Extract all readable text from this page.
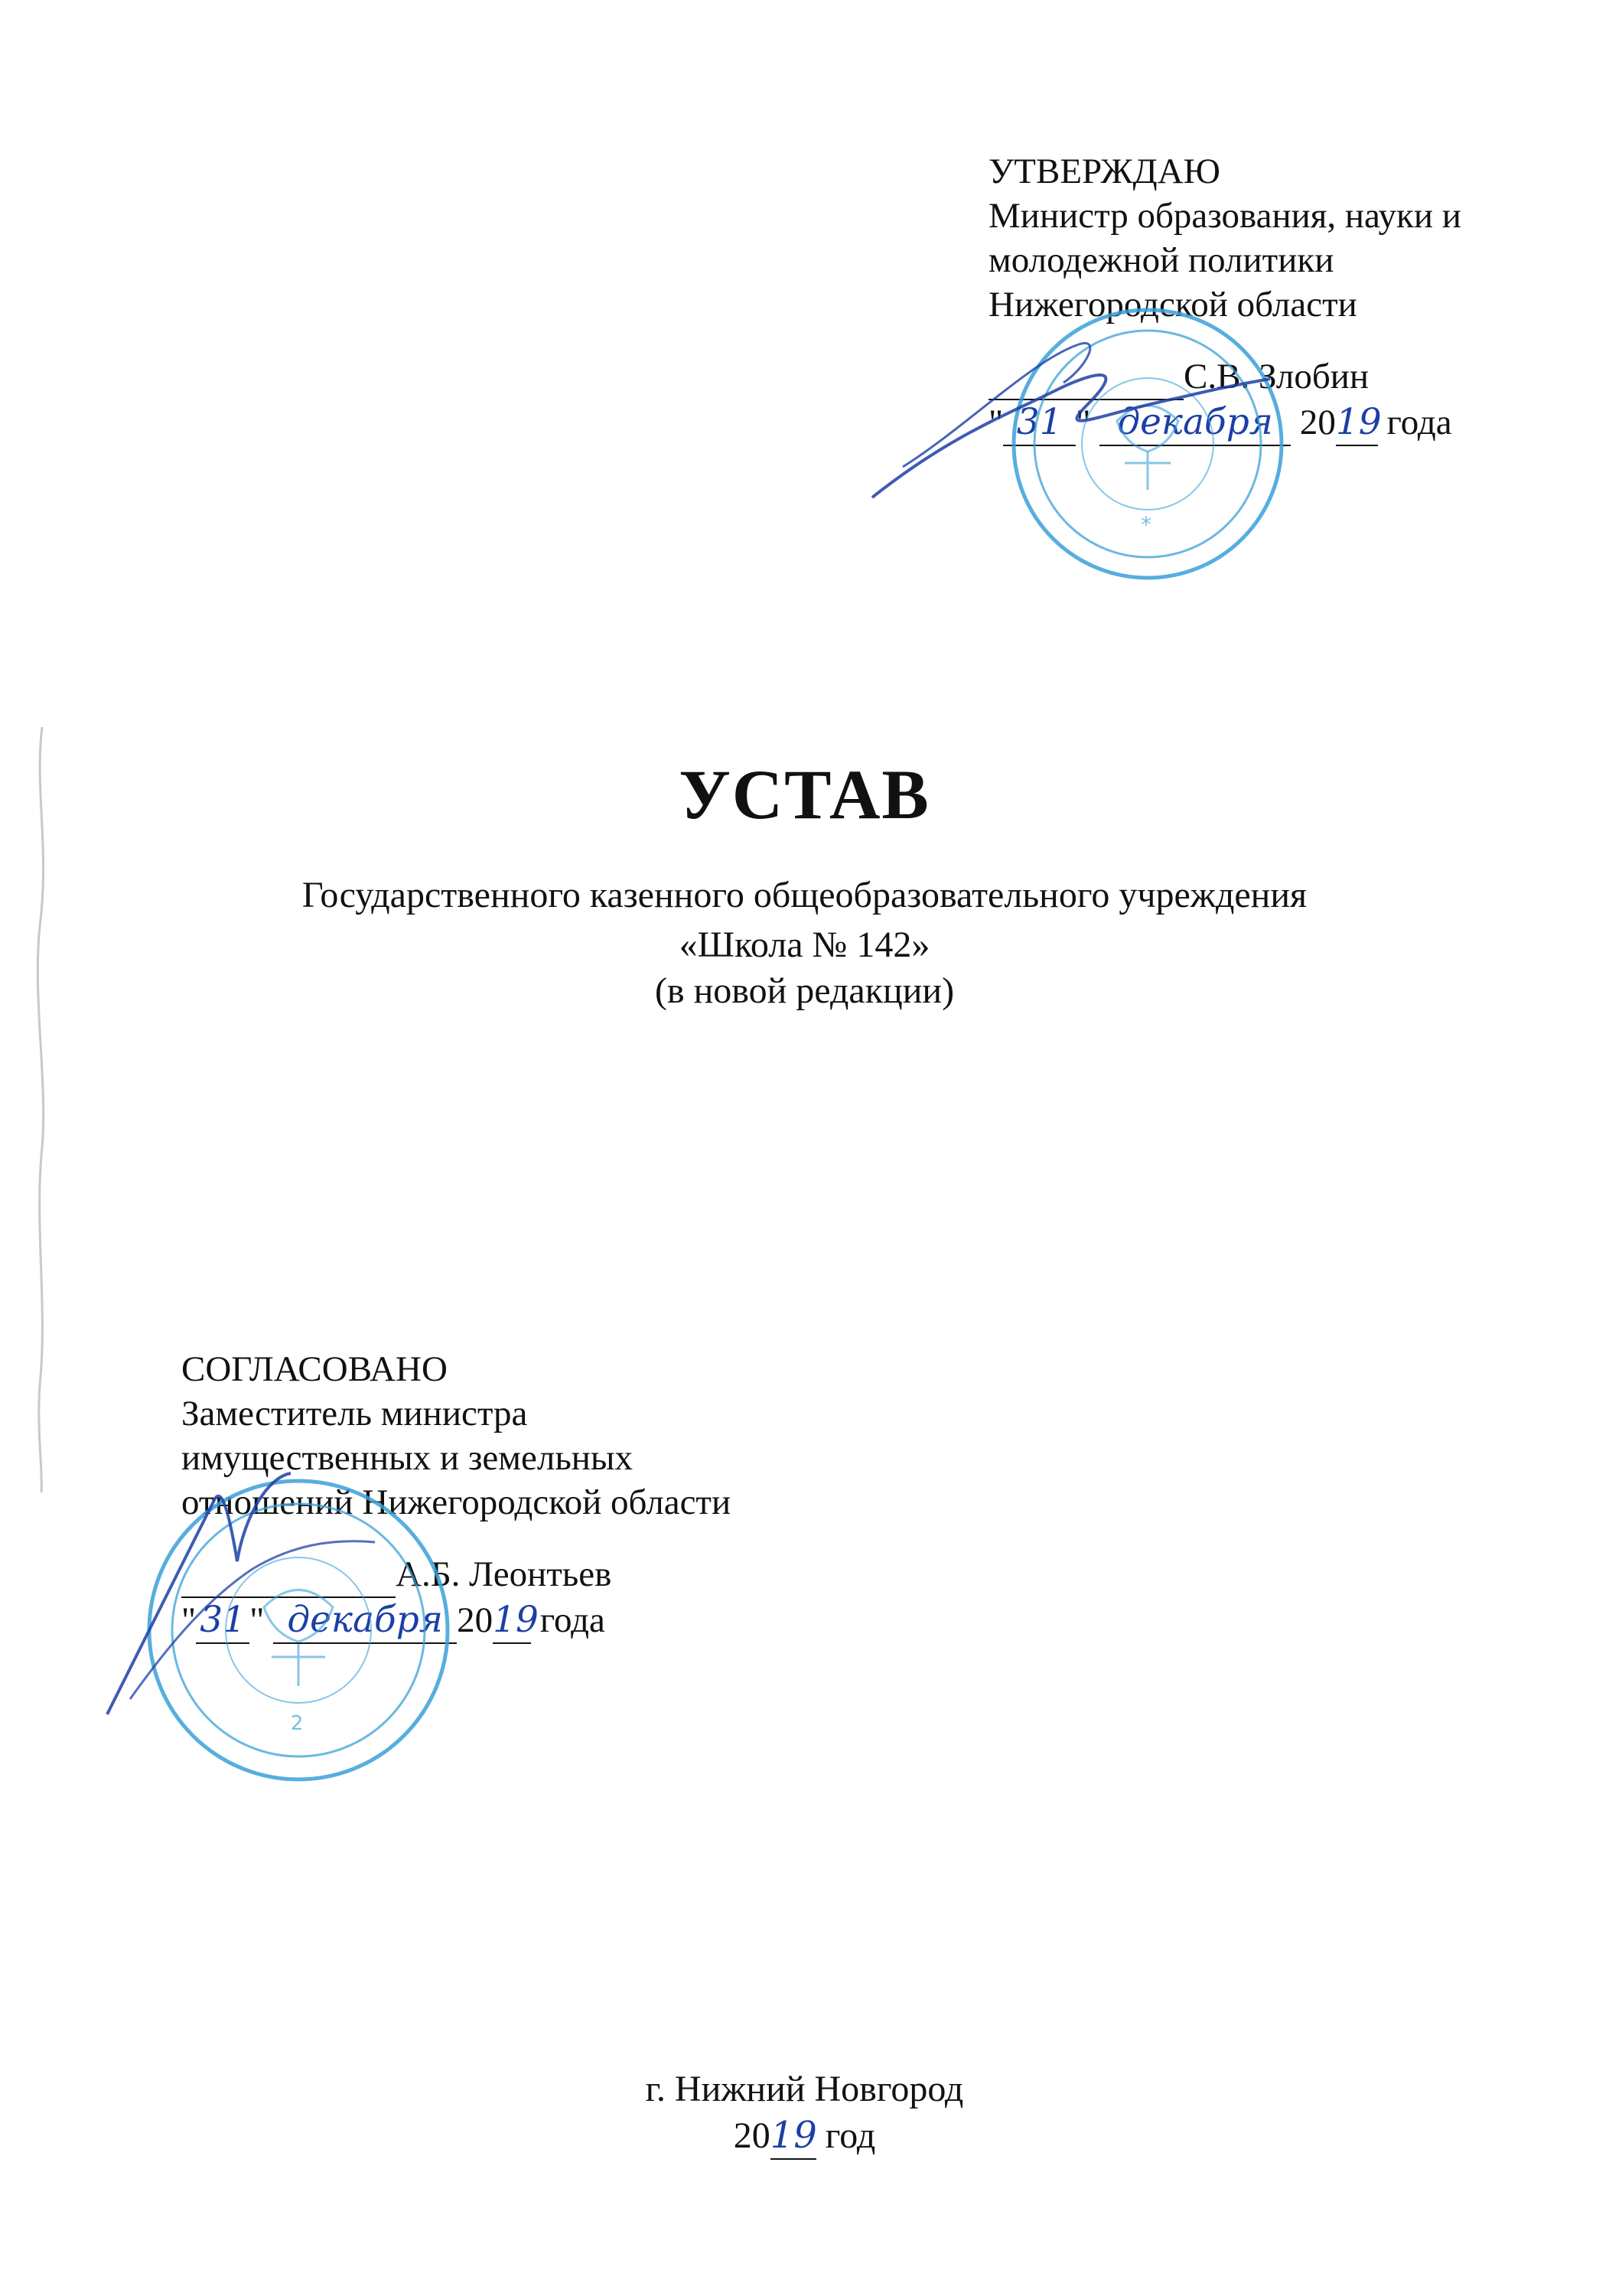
УТВЕРЖДАЮ
Министр образования, науки и
молодежной политики
Нижегородской области
С.В. Злобин
" 31 " декабря 2019 года
*
УСТАВ
Государственного казенного общеобразовательного учреждения
«Школа № 142»
(в новой редакции)
СОГЛАСОВАНО
Заместитель министра
имущественных и земельных
отношений Нижегородской области
А.Б. Леонтьев
" 31 " декабря 2019 года
2
г. Нижний Новгород
2019 год
